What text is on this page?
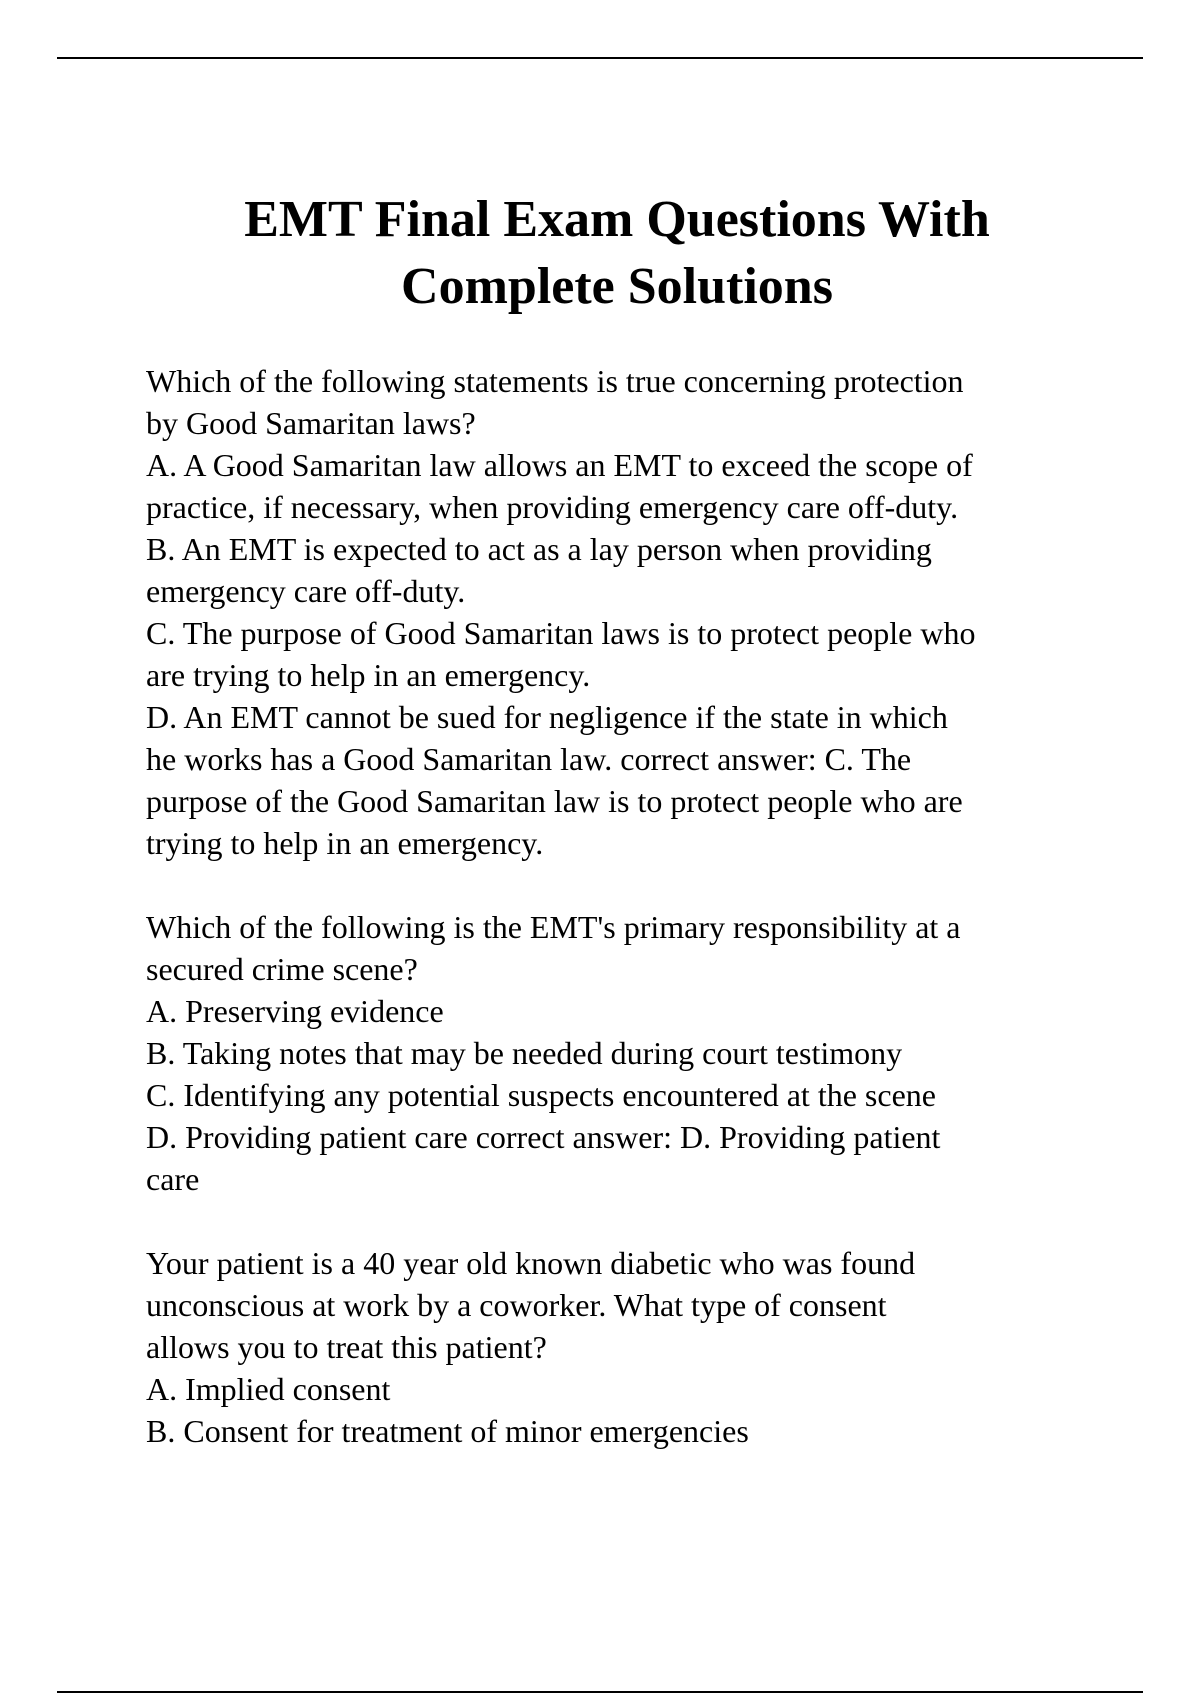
EMT Final Exam Questions With
Complete Solutions

Which of the following statements is true concerning protection

by Good Samaritan laws?

A. A Good Samaritan law allows an EMT to exceed the scope of

practice, if necessary, when providing emergency care off-duty.

B. An EMT is expected to act as a lay person when providing

emergency care off-duty.

C. The purpose of Good Samaritan laws is to protect people who

are trying to help in an emergency.

D. An EMT cannot be sued for negligence if the state in which

he works has a Good Samaritan law. correct answer: C. The

purpose of the Good Samaritan law is to protect people who are

trying to help in an emergency.

Which of the following is the EMT's primary responsibility at a

secured crime scene?

A. Preserving evidence

B. Taking notes that may be needed during court testimony

C. Identifying any potential suspects encountered at the scene

D. Providing patient care correct answer: D. Providing patient

care

Your patient is a 40 year old known diabetic who was found

unconscious at work by a coworker. What type of consent

allows you to treat this patient?

A. Implied consent

B. Consent for treatment of minor emergencies
